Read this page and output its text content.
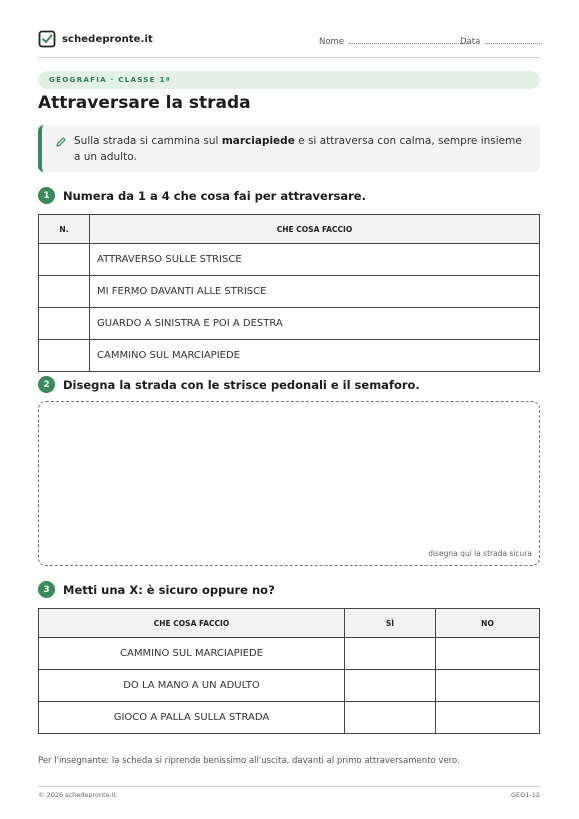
schedepronte.it	Nome	Data
GEOGRAFIA · CLASSE 1ª
Attraversare la strada
Sulla strada si cammina sul marciapiede e si attraversa con calma, sempre insieme a un adulto.
1	Numera da 1 a 4 che cosa fai per attraversare.
N.	CHE COSA FACCIO
	ATTRAVERSO SULLE STRISCE
	MI FERMO DAVANTI ALLE STRISCE
	GUARDO A SINISTRA E POI A DESTRA
	CAMMINO SUL MARCIAPIEDE
2	Disegna la strada con le strisce pedonali e il semaforo.
disegna qui la strada sicura
3	Metti una X: è sicuro oppure no?
CHE COSA FACCIO	SÌ	NO
CAMMINO SUL MARCIAPIEDE		
DO LA MANO A UN ADULTO		
GIOCO A PALLA SULLA STRADA		
Per l'insegnante: la scheda si riprende benissimo all'uscita, davanti al primo attraversamento vero.
© 2026 schedepronte.it	GEO1-12
